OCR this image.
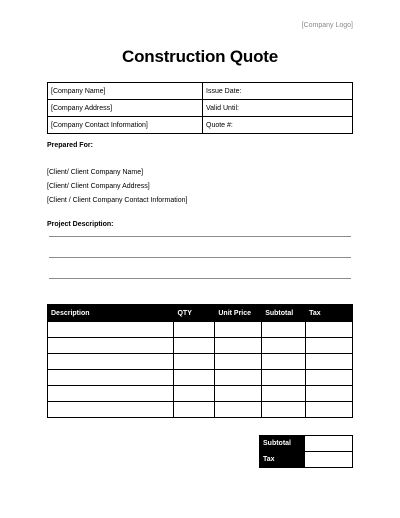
[Company Logo]
Construction Quote
[Company Name]	Issue Date:
[Company Address]	Valid Until:
[Company Contact Information]	Quote #:
Prepared For:
[Client/ Client Company Name]
[Client/ Client Company Address]
[Client / Client Company Contact Information]
Project Description:
Description	QTY	Unit Price	Subtotal	Tax

Subtotal	
Tax	
